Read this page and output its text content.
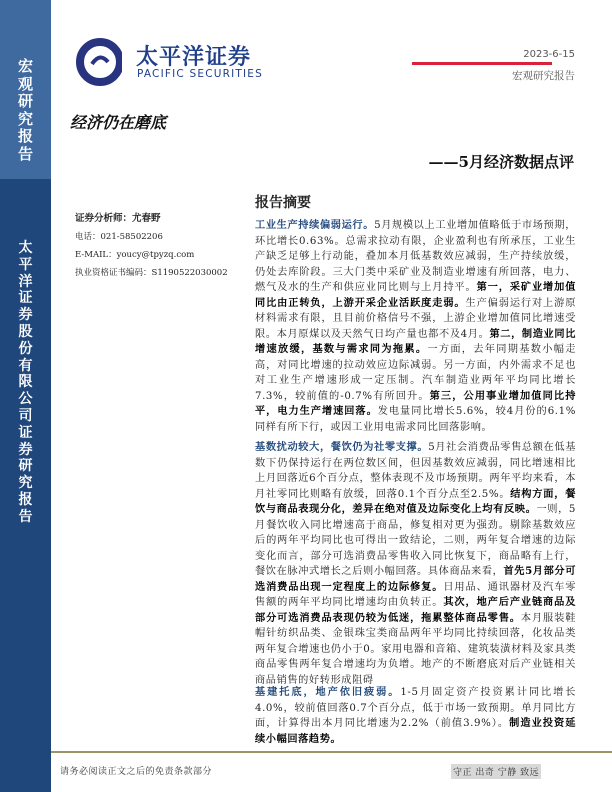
宏
观
研
究
报
告
太
平
洋
证
券
股
份
有
限
公
司
证
券
研
究
报
告
太平洋证券
PACIFIC SECURITIES
2023-6-15
宏观研究报告
经济仍在磨底
——5月经济数据点评
证券分析师：尤春野
电话：021-58502206
E-MAIL：youcy@tpyzq.com
执业资格证书编码：S1190522030002
报告摘要
工业生产持续偏弱运行。5月规模以上工业增加值略低于市场预期，环比增长0.63%。总需求拉动有限，企业盈利也有所承压，工业生产缺乏足够上行动能，叠加本月低基数效应减弱，生产持续放缓，仍处去库阶段。三大门类中采矿业及制造业增速有所回落，电力、燃气及水的生产和供应业同比则与上月持平。第一，采矿业增加值同比由正转负，上游开采企业活跃度走弱。生产偏弱运行对上游原材料需求有限，且目前价格信号不强，上游企业增加值同比增速受限。本月原煤以及天然气日均产量也都不及4月。第二，制造业同比增速放缓，基数与需求同为拖累。一方面，去年同期基数小幅走高，对同比增速的拉动效应边际减弱。另一方面，内外需求不足也对工业生产增速形成一定压制。汽车制造业两年平均同比增长7.3%，较前值的-0.7%有所回升。第三，公用事业增加值同比持平，电力生产增速回落。发电量同比增长5.6%，较4月份的6.1%同样有所下行，或因工业用电需求同比回落影响。
基数扰动较大，餐饮仍为社零支撑。5月社会消费品零售总额在低基数下仍保持运行在两位数区间，但因基数效应减弱，同比增速相比上月回落近6个百分点，整体表现不及市场预期。两年平均来看，本月社零同比则略有放缓，回落0.1个百分点至2.5%。结构方面，餐饮与商品表现分化，差异在绝对值及边际变化上均有反映。一则，5月餐饮收入同比增速高于商品，修复相对更为强劲。剔除基数效应后的两年平均同比也可得出一致结论，二则，两年复合增速的边际变化而言，部分可选消费品零售收入同比恢复下，商品略有上行，餐饮在脉冲式增长之后则小幅回落。具体商品来看，首先5月部分可选消费品出现一定程度上的边际修复。日用品、通讯器材及汽车零售额的两年平均同比增速均由负转正。其次，地产后产业链商品及部分可选消费品表现仍较为低迷，拖累整体商品零售。本月服装鞋帽针纺织品类、金银珠宝类商品两年平均同比持续回落，化妆品类两年复合增速也仍小于0。家用电器和音箱、建筑装潢材料及家具类商品零售两年复合增速均为负增。地产的不断磨底对后产业链相关商品销售的好转形成阻碍
基建托底，地产依旧疲弱。1-5月固定资产投资累计同比增长4.0%，较前值回落0.7个百分点，低于市场一致预期。单月同比方面，计算得出本月同比增速为2.2%（前值3.9%）。制造业投资延续小幅回落趋势。
请务必阅读正文之后的免责条款部分	守正 出奇 宁静 致远
